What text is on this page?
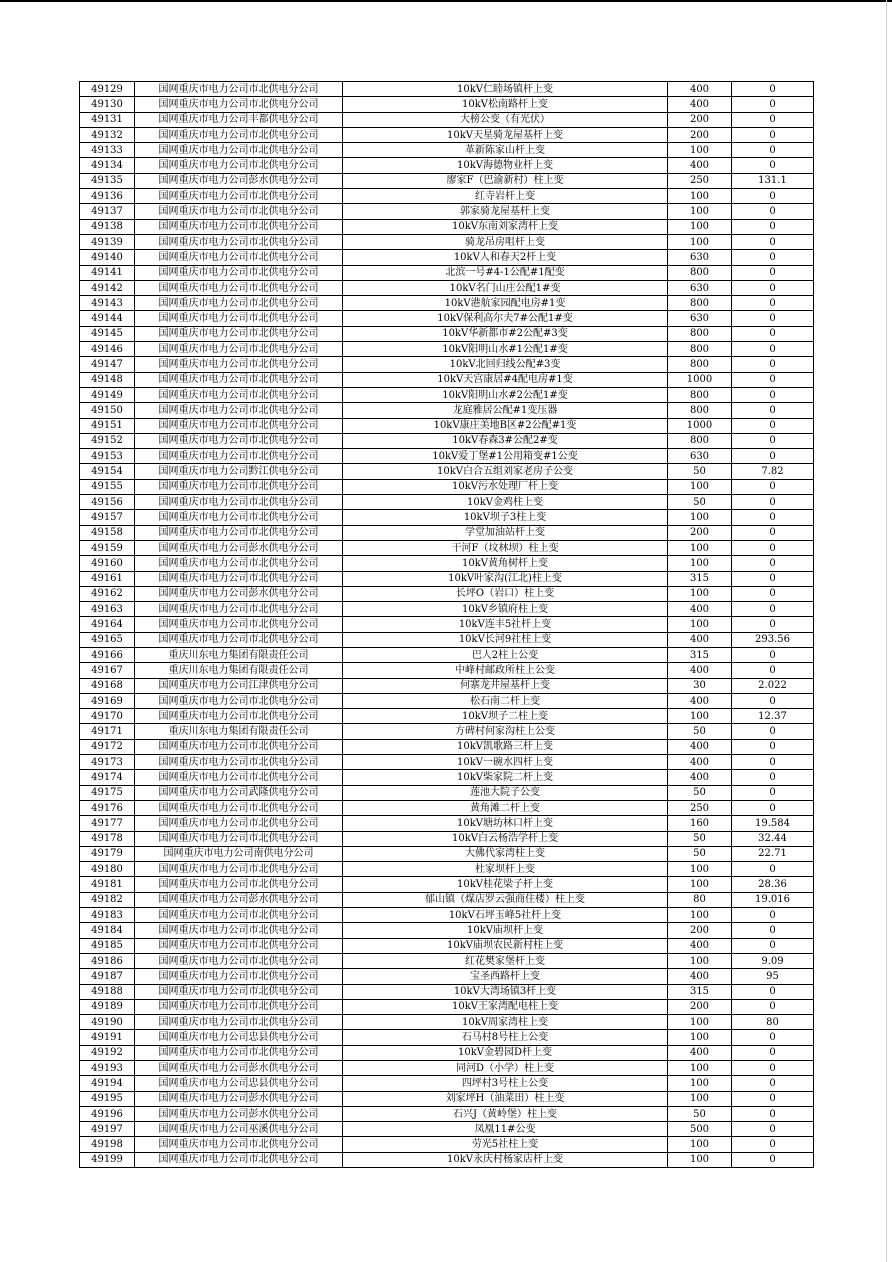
49129	国网重庆市电力公司市北供电分公司	10kV仁睦场镇杆上变	400	0
49130	国网重庆市电力公司市北供电分公司	10kV松南路杆上变	400	0
49131	国网重庆市电力公司丰都供电分公司	大榜公变（有光伏）	200	0
49132	国网重庆市电力公司市北供电分公司	10kV天星骑龙屋基杆上变	200	0
49133	国网重庆市电力公司市北供电分公司	革新陈家山杆上变	100	0
49134	国网重庆市电力公司市北供电分公司	10kV海德物业杆上变	400	0
49135	国网重庆市电力公司彭水供电分公司	廖家F（巴渝新村）柱上变	250	131.1
49136	国网重庆市电力公司市北供电分公司	红寺岩杆上变	100	0
49137	国网重庆市电力公司市北供电分公司	郭家骑龙屋基杆上变	100	0
49138	国网重庆市电力公司市北供电分公司	10kV东南刘家湾杆上变	100	0
49139	国网重庆市电力公司市北供电分公司	骑龙吊房咀杆上变	100	0
49140	国网重庆市电力公司市北供电分公司	10kV人和春天2杆上变	630	0
49141	国网重庆市电力公司市北供电分公司	北滨一号#4-1公配#1配变	800	0
49142	国网重庆市电力公司市北供电分公司	10kV名门山庄公配1#变	630	0
49143	国网重庆市电力公司市北供电分公司	10kV港航家园配电房#1变	800	0
49144	国网重庆市电力公司市北供电分公司	10kV保利高尔夫7#公配1#变	630	0
49145	国网重庆市电力公司市北供电分公司	10kV华新都市#2公配#3变	800	0
49146	国网重庆市电力公司市北供电分公司	10kV阳明山水#1公配1#变	800	0
49147	国网重庆市电力公司市北供电分公司	10kV北回归线公配#3变	800	0
49148	国网重庆市电力公司市北供电分公司	10kV天宫康居#4配电房#1变	1000	0
49149	国网重庆市电力公司市北供电分公司	10kV阳明山水#2公配1#变	800	0
49150	国网重庆市电力公司市北供电分公司	龙庭雅居公配#1变压器	800	0
49151	国网重庆市电力公司市北供电分公司	10kV康庄美地B区#2公配#1变	1000	0
49152	国网重庆市电力公司市北供电分公司	10kV春森3#公配2#变	800	0
49153	国网重庆市电力公司市北供电分公司	10kV爱丁堡#1公用箱变#1公变	630	0
49154	国网重庆市电力公司黔江供电分公司	10kV白合五组刘家老房子公变	50	7.82
49155	国网重庆市电力公司市北供电分公司	10kV污水处理厂杆上变	100	0
49156	国网重庆市电力公司市北供电分公司	10kV金鸡柱上变	50	0
49157	国网重庆市电力公司市北供电分公司	10kV坝子3柱上变	100	0
49158	国网重庆市电力公司市北供电分公司	学堂加油站杆上变	200	0
49159	国网重庆市电力公司彭水供电分公司	干河F（坟林坝）柱上变	100	0
49160	国网重庆市电力公司市北供电分公司	10kV黄角树杆上变	100	0
49161	国网重庆市电力公司市北供电分公司	10kV叶家沟(江北)柱上变	315	0
49162	国网重庆市电力公司彭水供电分公司	长坪O（岩口）柱上变	100	0
49163	国网重庆市电力公司市北供电分公司	10kV乡镇府柱上变	400	0
49164	国网重庆市电力公司市北供电分公司	10kV连丰5社杆上变	100	0
49165	国网重庆市电力公司市北供电分公司	10kV长河9社柱上变	400	293.56
49166	重庆川东电力集团有限责任公司	巴人2柱上公变	315	0
49167	重庆川东电力集团有限责任公司	中峰村邮政所柱上公变	400	0
49168	国网重庆市电力公司江津供电分公司	何寨龙井屋基杆上变	30	2.022
49169	国网重庆市电力公司市北供电分公司	松石南二杆上变	400	0
49170	国网重庆市电力公司市北供电分公司	10kV坝子二柱上变	100	12.37
49171	重庆川东电力集团有限责任公司	方碑村何家沟柱上公变	50	0
49172	国网重庆市电力公司市北供电分公司	10kV凯歌路三杆上变	400	0
49173	国网重庆市电力公司市北供电分公司	10kV一碗水四杆上变	400	0
49174	国网重庆市电力公司市北供电分公司	10kV柴家院二杆上变	400	0
49175	国网重庆市电力公司武隆供电分公司	莲池大院子公变	50	0
49176	国网重庆市电力公司市北供电分公司	黄角滩二杆上变	250	0
49177	国网重庆市电力公司市北供电分公司	10kV塘坊林口杆上变	160	19.584
49178	国网重庆市电力公司市北供电分公司	10kV白云杨浩学杆上变	50	32.44
49179	国网重庆市电力公司南供电分公司	大佛代家湾柱上变	50	22.71
49180	国网重庆市电力公司市北供电分公司	杜家坝杆上变	100	0
49181	国网重庆市电力公司市北供电分公司	10kV桂花梁子杆上变	100	28.36
49182	国网重庆市电力公司彭水供电分公司	郁山镇（煤店罗云强商住楼）柱上变	80	19.016
49183	国网重庆市电力公司市北供电分公司	10kV石坪玉峰5社杆上变	100	0
49184	国网重庆市电力公司市北供电分公司	10kV庙坝杆上变	200	0
49185	国网重庆市电力公司市北供电分公司	10kV庙坝农民新村柱上变	400	0
49186	国网重庆市电力公司市北供电分公司	红花樊家堡杆上变	100	9.09
49187	国网重庆市电力公司市北供电分公司	宝圣西路杆上变	400	95
49188	国网重庆市电力公司市北供电分公司	10kV大湾场镇3杆上变	315	0
49189	国网重庆市电力公司市北供电分公司	10kV王家湾配电柱上变	200	0
49190	国网重庆市电力公司市北供电分公司	10kV周家湾柱上变	100	80
49191	国网重庆市电力公司忠县供电分公司	石马村8号柱上公变	100	0
49192	国网重庆市电力公司市北供电分公司	10kV金碧园D杆上变	400	0
49193	国网重庆市电力公司彭水供电分公司	同河D（小学）柱上变	100	0
49194	国网重庆市电力公司忠县供电分公司	四坪村3号柱上公变	100	0
49195	国网重庆市电力公司彭水供电分公司	刘家坪H（油菜田）柱上变	100	0
49196	国网重庆市电力公司彭水供电分公司	石兴J（黄岭堡）柱上变	50	0
49197	国网重庆市电力公司巫溪供电分公司	凤凰11#公变	500	0
49198	国网重庆市电力公司市北供电分公司	劳光5社柱上变	100	0
49199	国网重庆市电力公司市北供电分公司	10kV永庆村杨家店杆上变	100	0
